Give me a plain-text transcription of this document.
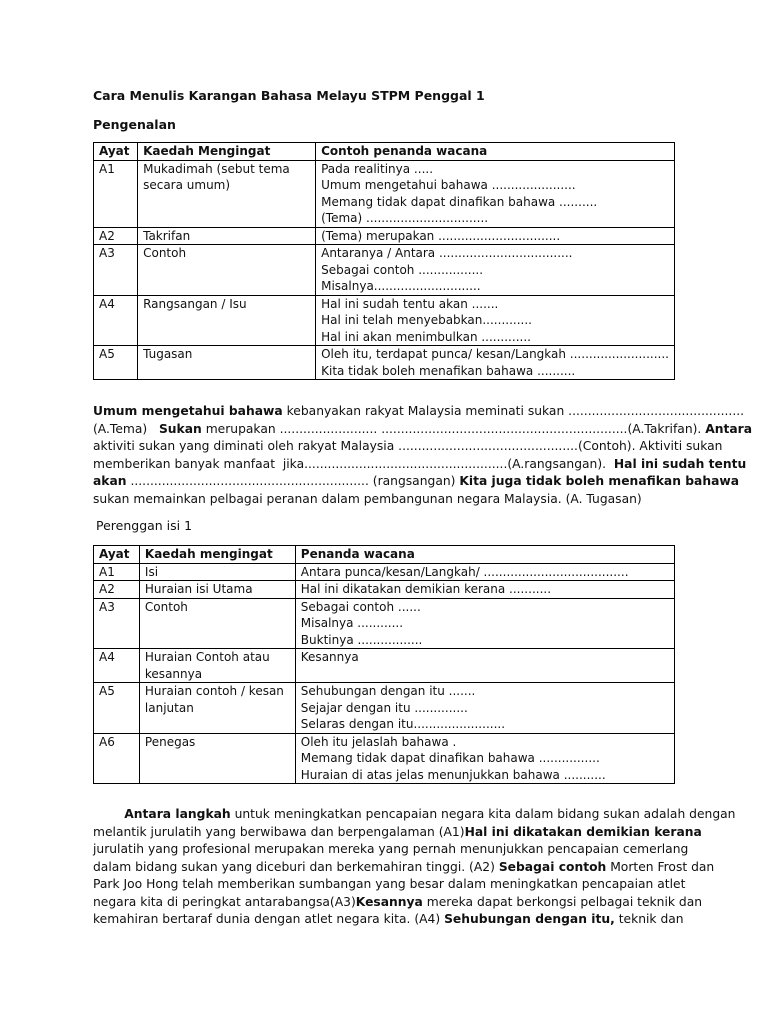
Cara Menulis Karangan Bahasa Melayu STPM Penggal 1
Pengenalan
Ayat	Kaedah Mengingat	Contoh penanda wacana
A1	Mukadimah (sebut tema
secara umum)	Pada realitinya .....
Umum mengetahui bahawa ......................
Memang tidak dapat dinafikan bahawa ..........
(Tema) ................................

A2	Takrifan	(Tema) merupakan ................................

A3	Contoh	Antaranya / Antara ...................................
Sebagai contoh .................
Misalnya............................

A4	Rangsangan / Isu	Hal ini sudah tentu akan .......
Hal ini telah menyebabkan.............
Hal ini akan menimbulkan .............

A5	Tugasan	Oleh itu, terdapat punca/ kesan/Langkah ..........................
Kita tidak boleh menafikan bahawa ..........
Umum mengetahui bahawa kebanyakan rakyat Malaysia meminati sukan .............................................
(A.Tema)   Sukan merupakan ......................... ...............................................................(A.Takrifan). Antara
aktiviti sukan yang diminati oleh rakyat Malaysia ..............................................(Contoh). Aktiviti sukan
memberikan banyak manfaat  jika....................................................(A.rangsangan).  Hal ini sudah tentu
akan ............................................................. (rangsangan) Kita juga tidak boleh menafikan bahawa
sukan memainkan pelbagai peranan dalam pembangunan negara Malaysia. (A. Tugasan)
Perenggan isi 1
Ayat	Kaedah mengingat	Penanda wacana
A1	Isi	Antara punca/kesan/Langkah/ ......................................

A2	Huraian isi Utama	Hal ini dikatakan demikian kerana ...........

A3	Contoh	Sebagai contoh ......
Misalnya ............
Buktinya .................

A4	Huraian Contoh atau
kesannya	Kesannya

A5	Huraian contoh / kesan
lanjutan	Sehubungan dengan itu .......
Sejajar dengan itu ..............
Selaras dengan itu........................

A6	Penegas	Oleh itu jelaslah bahawa .
Memang tidak dapat dinafikan bahawa ................
Huraian di atas jelas menunjukkan bahawa ...........
Antara langkah untuk meningkatkan pencapaian negara kita dalam bidang sukan adalah dengan
melantik jurulatih yang berwibawa dan berpengalaman (A1)Hal ini dikatakan demikian kerana
jurulatih yang profesional merupakan mereka yang pernah menunjukkan pencapaian cemerlang
dalam bidang sukan yang diceburi dan berkemahiran tinggi. (A2) Sebagai contoh Morten Frost dan
Park Joo Hong telah memberikan sumbangan yang besar dalam meningkatkan pencapaian atlet
negara kita di peringkat antarabangsa(A3)Kesannya mereka dapat berkongsi pelbagai teknik dan
kemahiran bertaraf dunia dengan atlet negara kita. (A4) Sehubungan dengan itu, teknik dan
